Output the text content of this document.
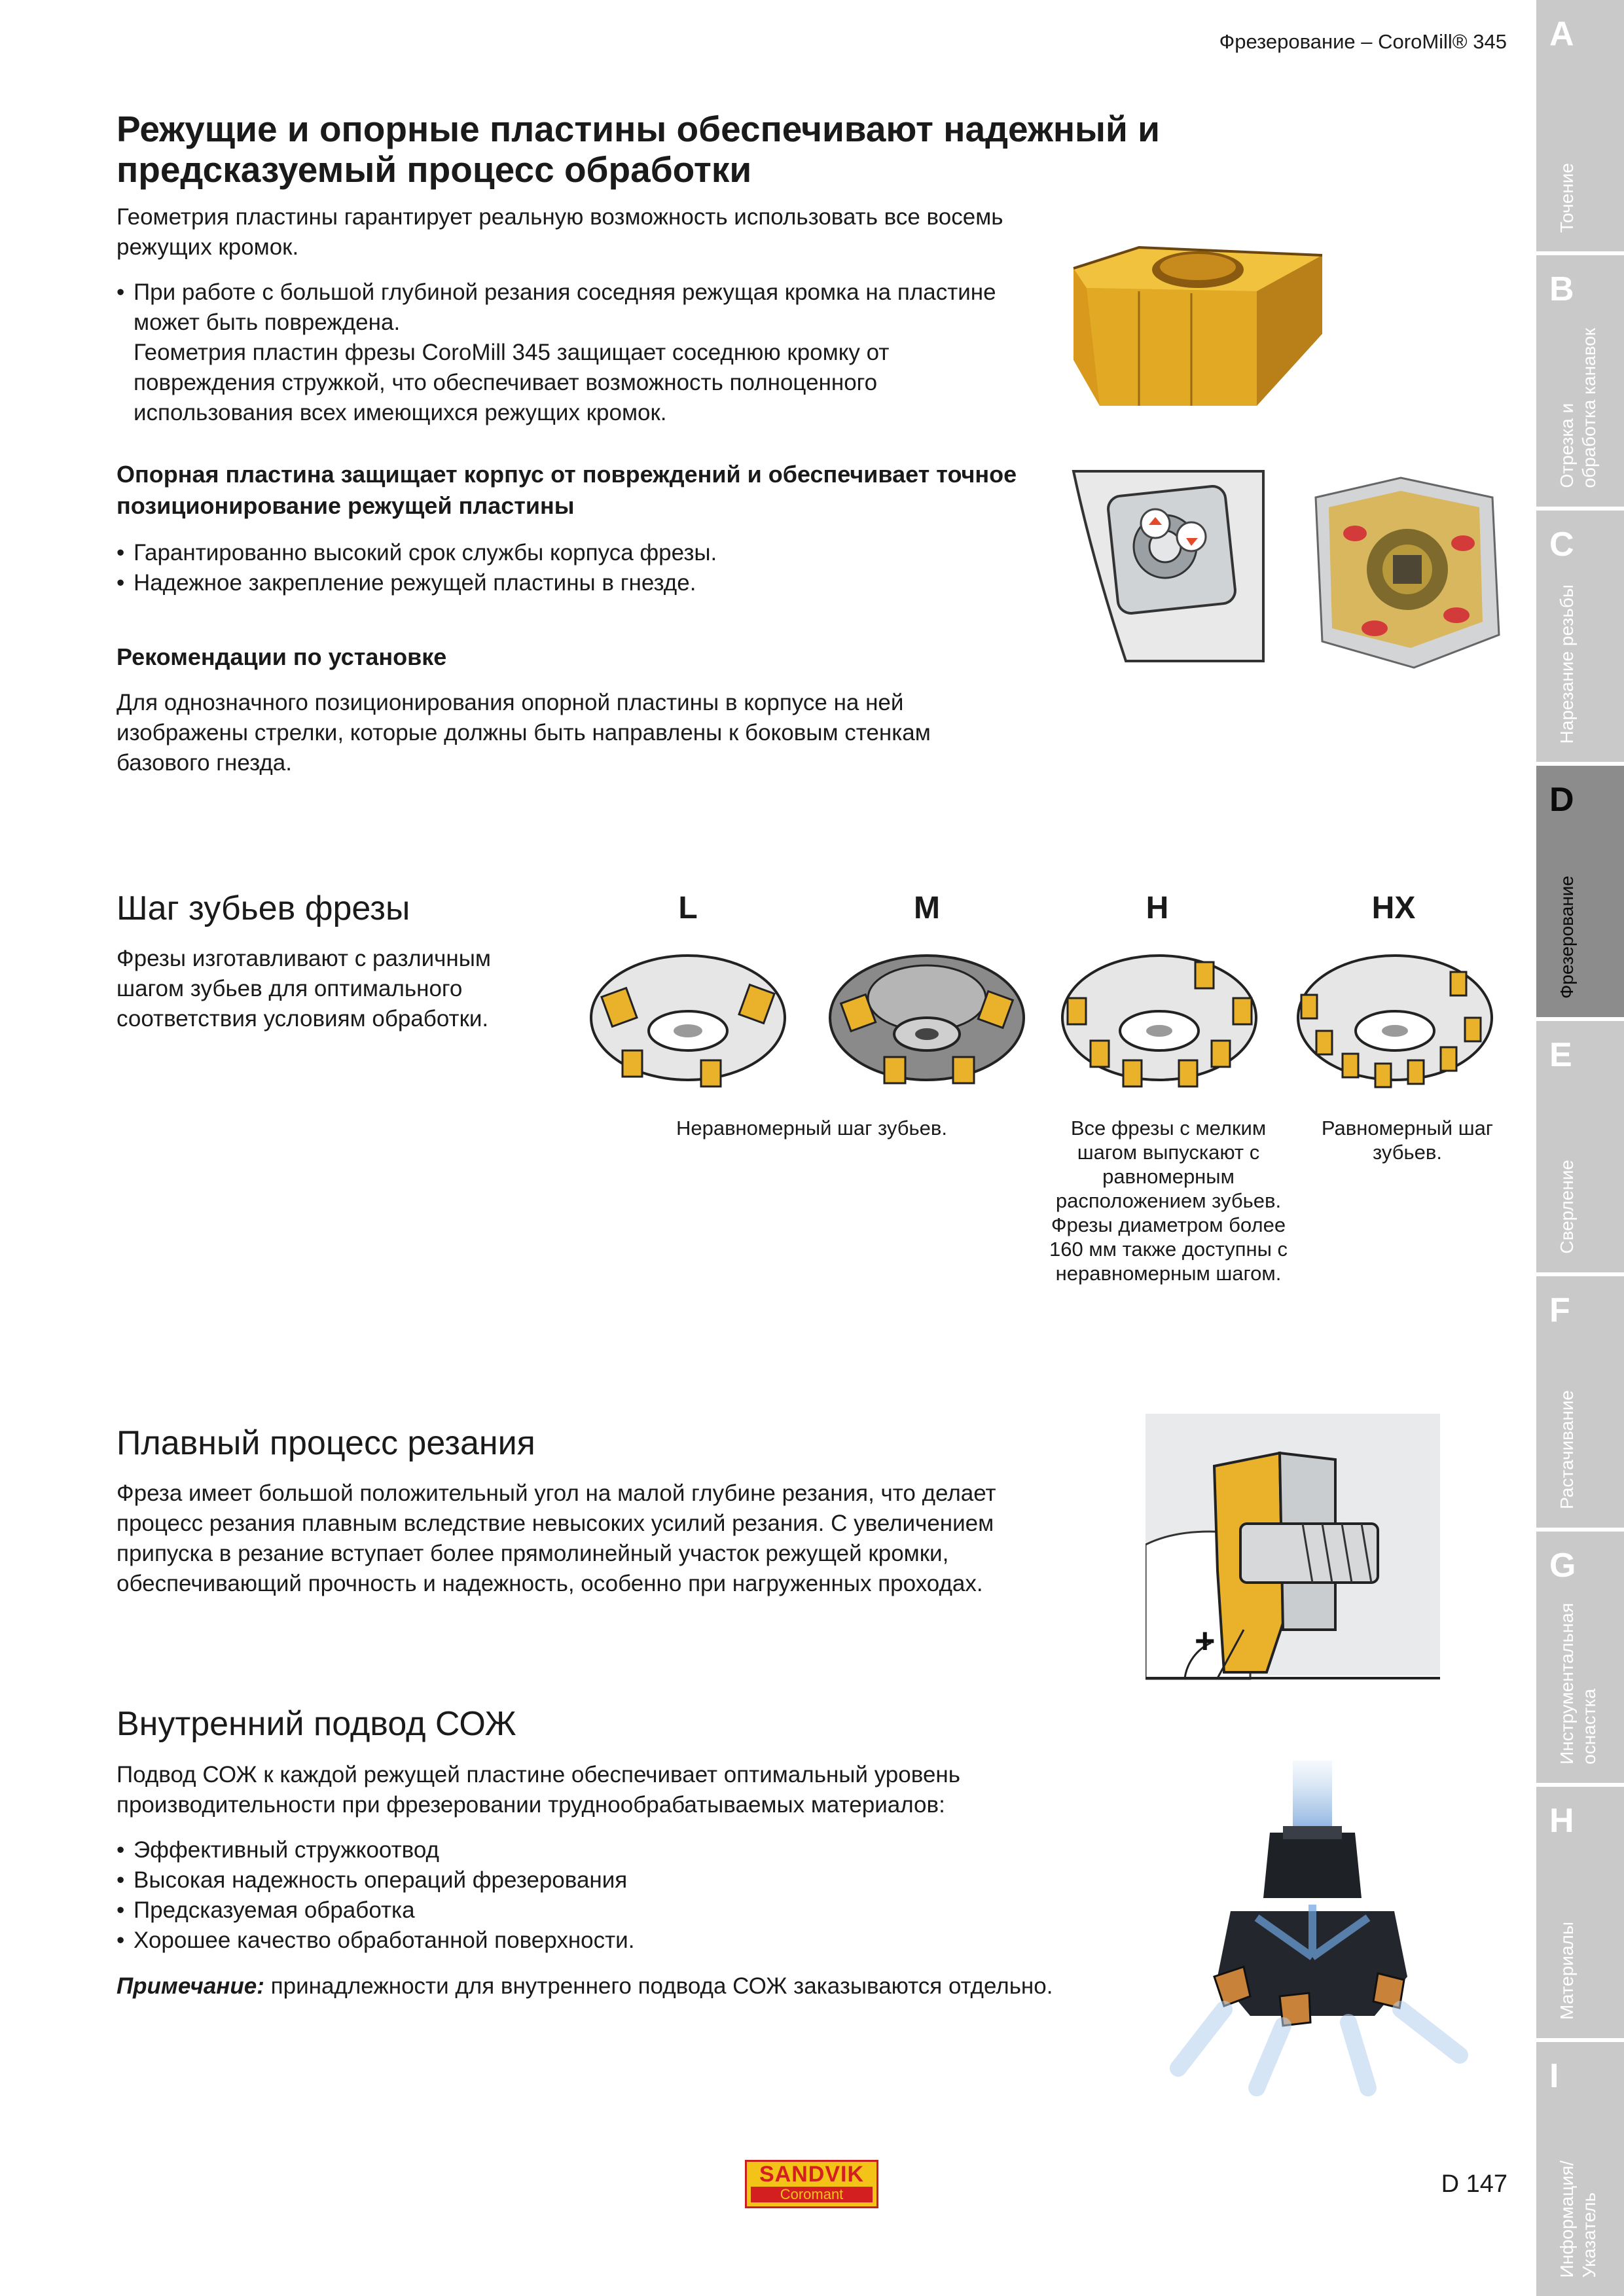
Фрезерование – CoroMill® 345
Режущие и опорные пластины обеспечивают надежный и предсказуемый процесс обработки
Геометрия пластины гарантирует реальную возможность использовать все восемь режущих кромок.
• При работе с большой глубиной резания соседняя режущая кромка на пластине может быть повреждена.
Геометрия пластин фрезы CoroMill 345 защищает соседнюю кромку от повреждения стружкой, что обеспечивает возможность полноценного использования всех имеющихся режущих кромок.
Опорная пластина защищает корпус от повреждений и обеспечивает точное позиционирование режущей пластины
• Гарантированно высокий срок службы корпуса фрезы.
• Надежное закрепление режущей пластины в гнезде.
Рекомендации по установке
Для однозначного позиционирования опорной пластины в корпусе на ней изображены стрелки, которые должны быть направлены к боковым стенкам базового гнезда.
Шаг зубьев фрезы
Фрезы изготавливают с различным шагом зубьев для оптимального соответствия условиям обработки.
L	M	H	HX
Неравномерный шаг зубьев.	Все фрезы с мелким шагом выпускают с равномерным расположением зубьев. Фрезы диаметром более 160 мм также доступны с неравномерным шагом.
Равномерный шаг зубьев.
Плавный процесс резания
Фреза имеет большой положительный угол на малой глубине резания, что делает процесс резания плавным вследствие невысоких усилий резания. С увеличением припуска в резание вступает более прямолинейный участок режущей кромки, обеспечивающий прочность и надежность, особенно при нагруженных проходах.
+
Внутренний подвод СОЖ
Подвод СОЖ к каждой режущей пластине обеспечивает оптимальный уровень производительности при фрезеровании труднообрабатываемых материалов:
• Эффективный стружкоотвод
• Высокая надежность операций фрезерования
• Предсказуемая обработка
• Хорошее качество обработанной поверхности.
Примечание: принадлежности для внутреннего подвода СОЖ заказываются отдельно.
A
Точение
B
Отрезка и
обработка канавок
C
Нарезание резьбы
D
Фрезерование
E
Сверление
F
Растачивание
G
Инструментальная
оснастка
H
Материалы
I
Информация/
Указатель
SANDVIK
Coromant	D 147
